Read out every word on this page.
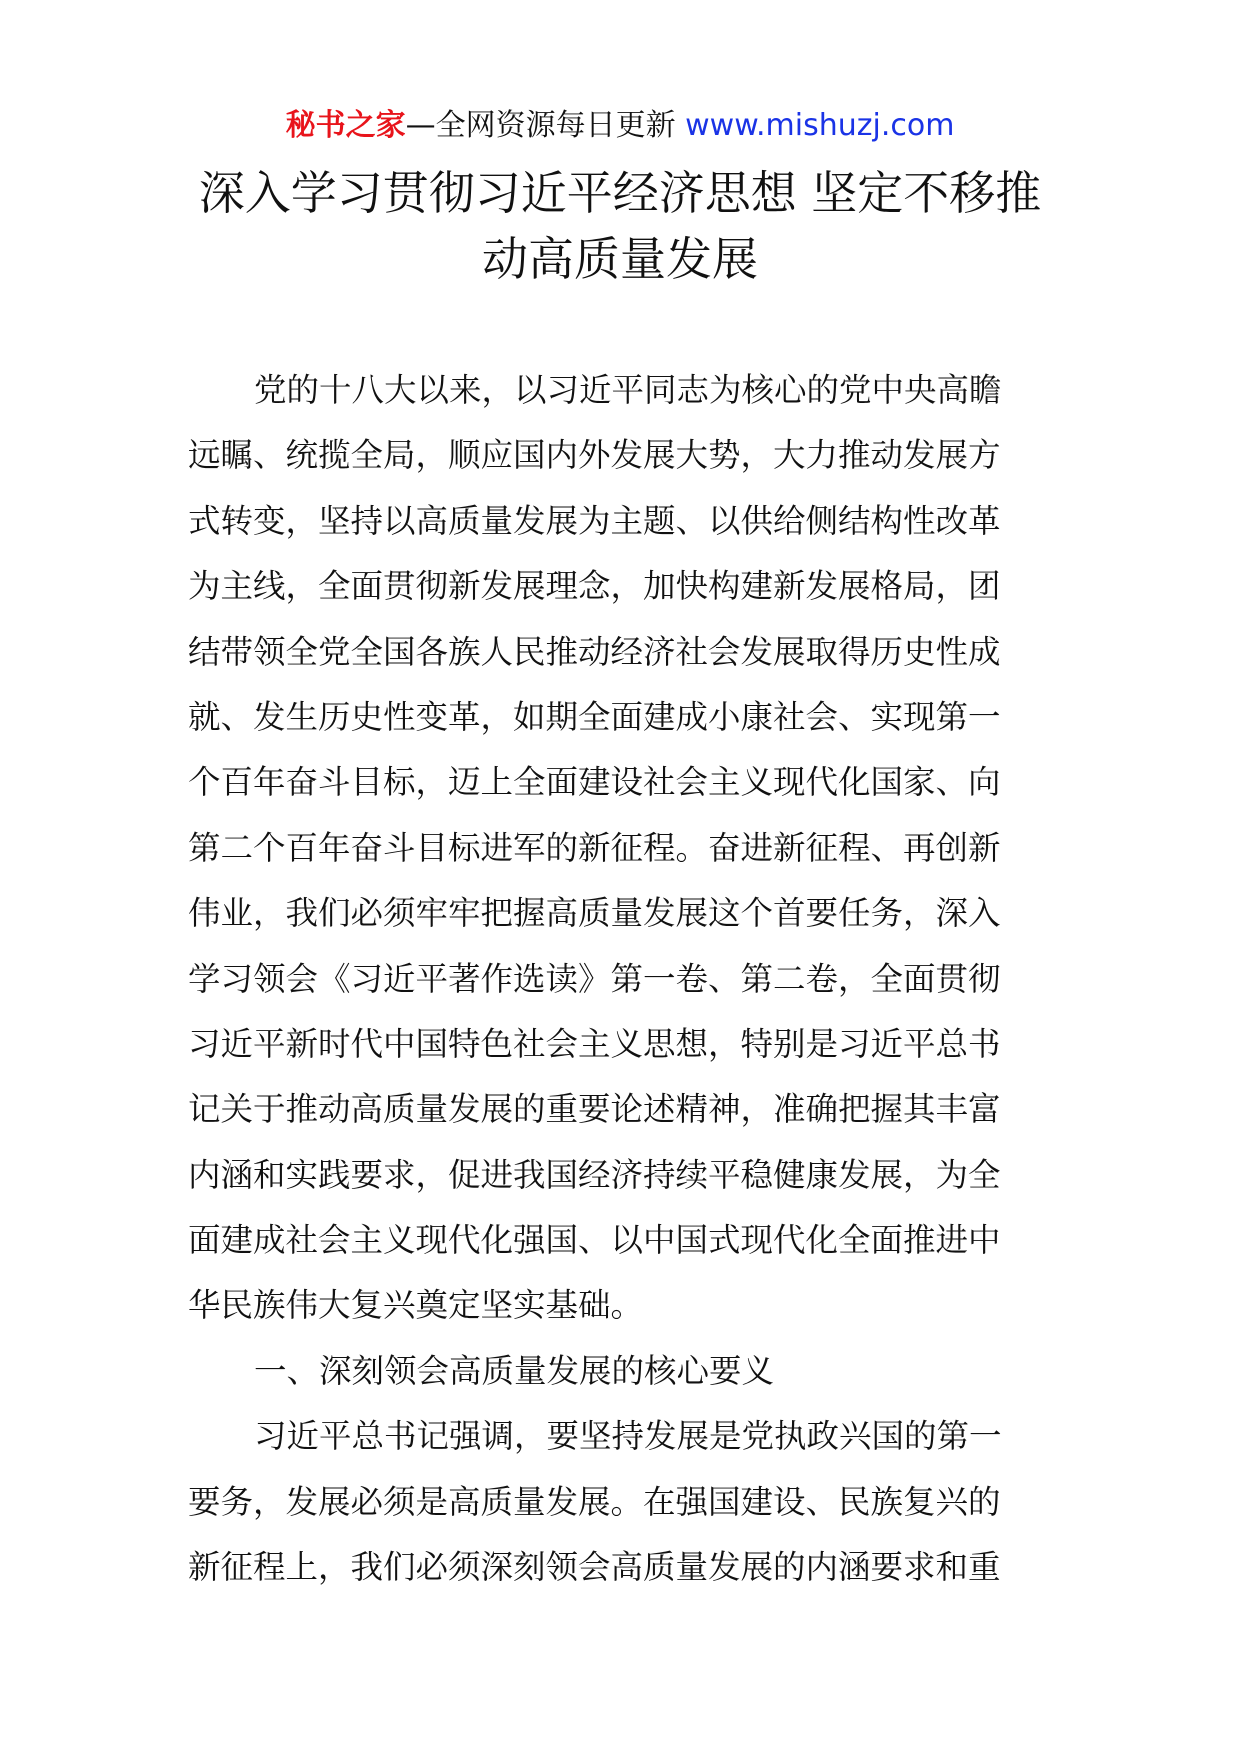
秘书之家—全网资源每日更新 www.mishuzj.com
深入学习贯彻习近平经济思想 坚定不移推
动高质量发展
党的十八大以来，以习近平同志为核心的党中央高瞻
远瞩、统揽全局，顺应国内外发展大势，大力推动发展方
式转变，坚持以高质量发展为主题、以供给侧结构性改革
为主线，全面贯彻新发展理念，加快构建新发展格局，团
结带领全党全国各族人民推动经济社会发展取得历史性成
就、发生历史性变革，如期全面建成小康社会、实现第一
个百年奋斗目标，迈上全面建设社会主义现代化国家、向
第二个百年奋斗目标进军的新征程。奋进新征程、再创新
伟业，我们必须牢牢把握高质量发展这个首要任务，深入
学习领会《习近平著作选读》第一卷、第二卷，全面贯彻
习近平新时代中国特色社会主义思想，特别是习近平总书
记关于推动高质量发展的重要论述精神，准确把握其丰富
内涵和实践要求，促进我国经济持续平稳健康发展，为全
面建成社会主义现代化强国、以中国式现代化全面推进中
华民族伟大复兴奠定坚实基础。
一、深刻领会高质量发展的核心要义
习近平总书记强调，要坚持发展是党执政兴国的第一
要务，发展必须是高质量发展。在强国建设、民族复兴的
新征程上，我们必须深刻领会高质量发展的内涵要求和重
